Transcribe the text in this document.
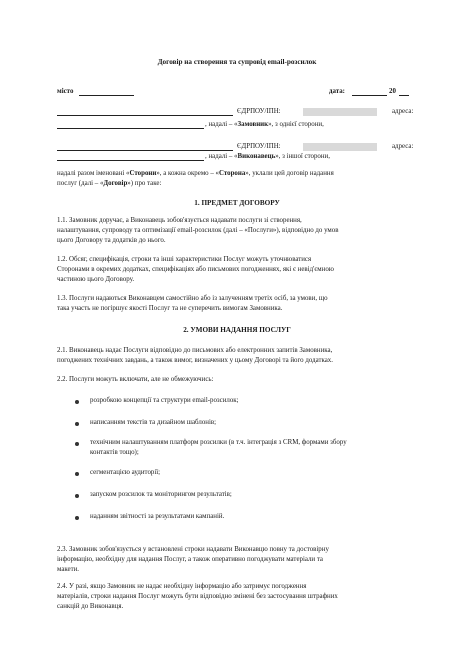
Договір на створення та супровід email-розсилок
місто	дата:	20
ЄДРПОУ/ІПН:	адреса:
, надалі – «Замовник», з однієї сторони,
ЄДРПОУ/ІПН:	адреса:
, надалі – «Виконавець», з іншої сторони,
надалі разом іменовані «Сторони», а кожна окремо – «Сторона», уклали цей договір надання
послуг (далі – «Договір») про таке:
1. ПРЕДМЕТ ДОГОВОРУ
1.1. Замовник доручає, а Виконавець зобов'язується надавати послуги зі створення,
налаштування, супроводу та оптимізації email-розсилок (далі – «Послуги»), відповідно до умов
цього Договору та додатків до нього.
1.2. Обсяг, специфікація, строки та інші характеристики Послуг можуть уточнюватися
Сторонами в окремих додатках, специфікаціях або письмових погодженнях, які є невід'ємною
частиною цього Договору.
1.3. Послуги надаються Виконавцем самостійно або із залученням третіх осіб, за умови, що
така участь не погіршує якості Послуг та не суперечить вимогам Замовника.
2. УМОВИ НАДАННЯ ПОСЛУГ
2.1. Виконавець надає Послуги відповідно до письмових або електронних запитів Замовника,
погоджених технічних завдань, а також вимог, визначених у цьому Договорі та його додатках.
2.2. Послуги можуть включати, але не обмежуючись:
розробкою концепції та структури email-розсилок;
написанням текстів та дизайном шаблонів;
технічним налаштуванням платформ розсилки (в т.ч. інтеграція з CRM, формами збору
контактів тощо);
сегментацією аудиторії;
запуском розсилок та моніторингом результатів;
наданням звітності за результатами кампаній.
2.3. Замовник зобов'язується у встановлені строки надавати Виконавцю повну та достовірну
інформацію, необхідну для надання Послуг, а також оперативно погоджувати матеріали та
макети.
2.4. У разі, якщо Замовник не надає необхідну інформацію або затримує погодження
матеріалів, строки надання Послуг можуть бути відповідно змінені без застосування штрафних
санкцій до Виконавця.
